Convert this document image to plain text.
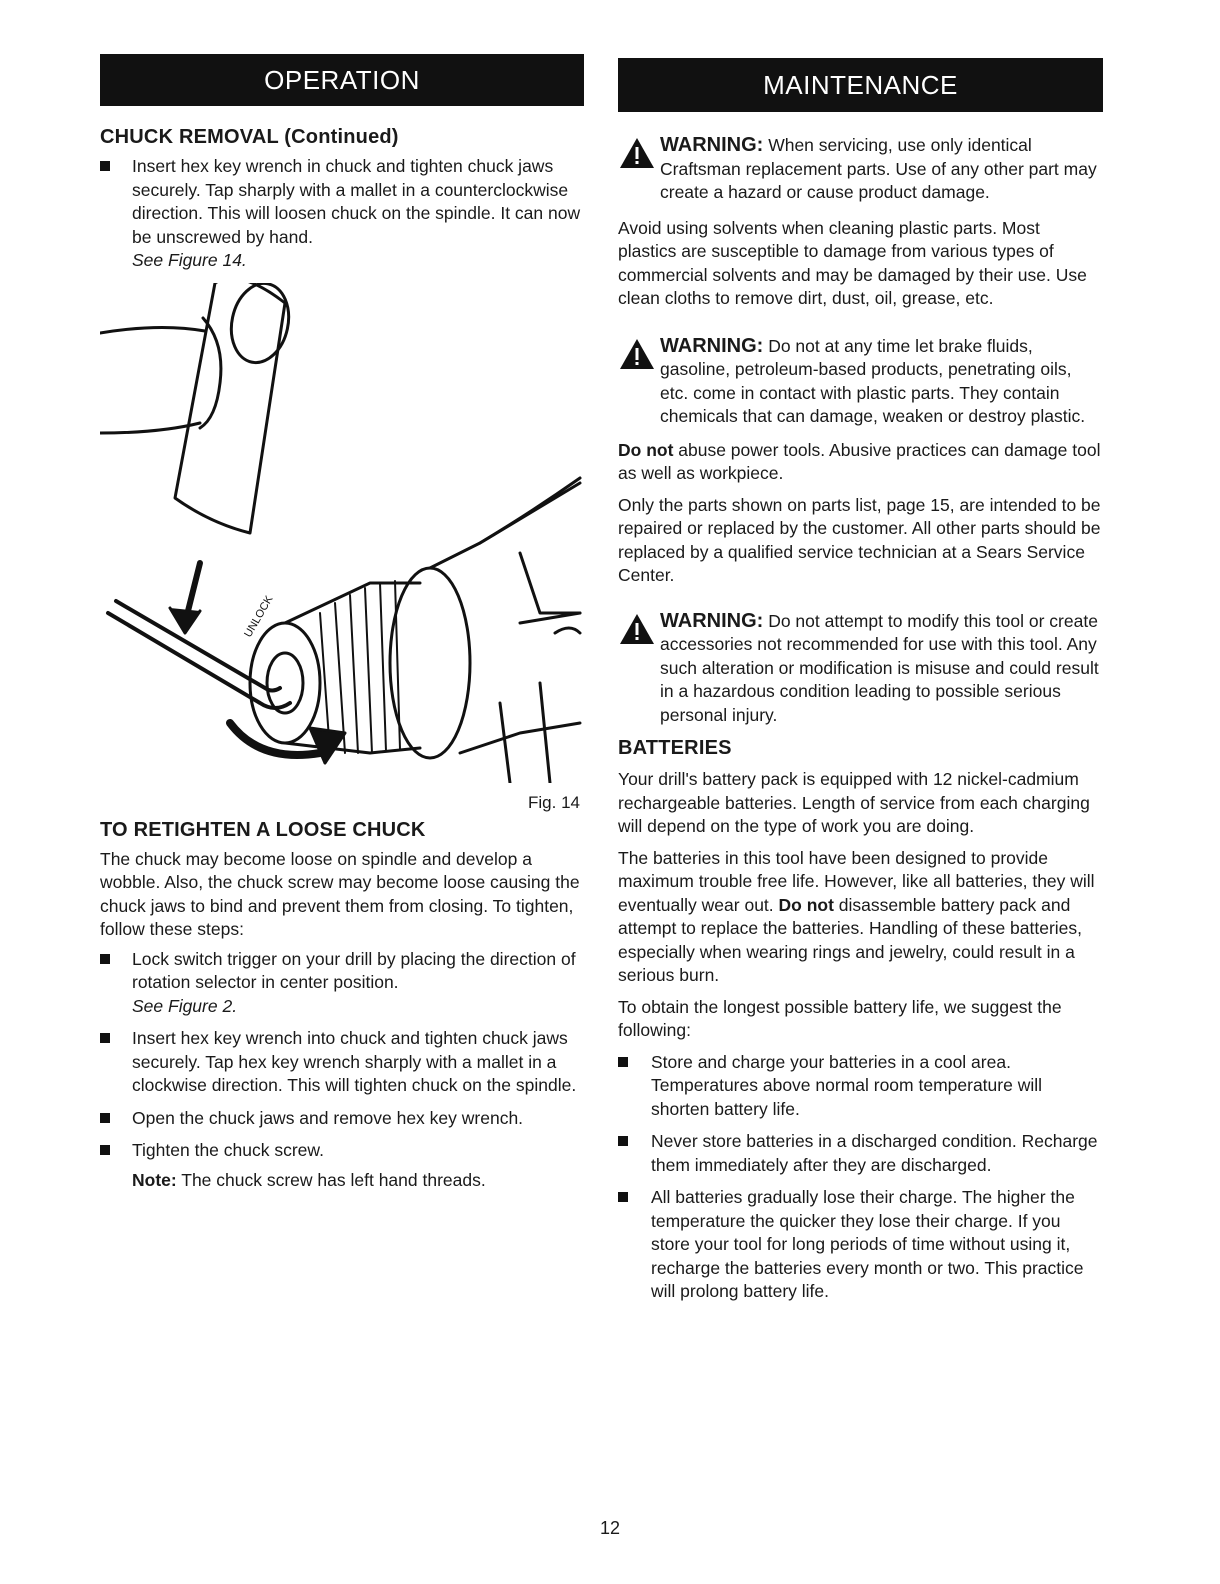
OPERATION
CHUCK REMOVAL (Continued)
Insert hex key wrench in chuck and tighten chuck jaws securely. Tap sharply with a mallet in a counterclockwise direction. This will loosen chuck on the spindle. It can now be unscrewed by hand.
See Figure 14.
UNLOCK
Fig. 14
TO RETIGHTEN A LOOSE CHUCK

The chuck may become loose on spindle and develop a wobble. Also, the chuck screw may become loose causing the chuck jaws to bind and prevent them from closing. To tighten, follow these steps:

Lock switch trigger on your drill by placing the direction of rotation selector in center position.
See Figure 2.
Insert hex key wrench into chuck and tighten chuck jaws securely. Tap hex key wrench sharply with a mallet in a clockwise direction. This will tighten chuck on the spindle.
Open the chuck jaws and remove hex key wrench.
Tighten the chuck screw.
Note: The chuck screw has left hand threads.
MAINTENANCE

WARNING: When servicing, use only identical Craftsman replacement parts. Use of any other part may create a hazard or cause product damage.

Avoid using solvents when cleaning plastic parts. Most plastics are susceptible to damage from various types of commercial solvents and may be damaged by their use. Use clean cloths to remove dirt, dust, oil, grease, etc.

WARNING: Do not at any time let brake fluids, gasoline, petroleum-based products, penetrating oils, etc. come in contact with plastic parts. They contain chemicals that can damage, weaken or destroy plastic.

Do not abuse power tools. Abusive practices can damage tool as well as workpiece.

Only the parts shown on parts list, page 15, are intended to be repaired or replaced by the customer. All other parts should be replaced by a qualified service technician at a Sears Service Center.

WARNING: Do not attempt to modify this tool or create accessories not recommended for use with this tool. Any such alteration or modification is misuse and could result in a hazardous condition leading to possible serious personal injury.

BATTERIES

Your drill's battery pack is equipped with 12 nickel-cadmium rechargeable batteries. Length of service from each charging will depend on the type of work you are doing.

The batteries in this tool have been designed to provide maximum trouble free life. However, like all batteries, they will eventually wear out. Do not disassemble battery pack and attempt to replace the batteries. Handling of these batteries, especially when wearing rings and jewelry, could result in a serious burn.

To obtain the longest possible battery life, we suggest the following:

Store and charge your batteries in a cool area. Temperatures above normal room temperature will shorten battery life.
Never store batteries in a discharged condition. Recharge them immediately after they are discharged.
All batteries gradually lose their charge. The higher the temperature the quicker they lose their charge. If you store your tool for long periods of time without using it, recharge the batteries every month or two. This practice will prolong battery life.
12
